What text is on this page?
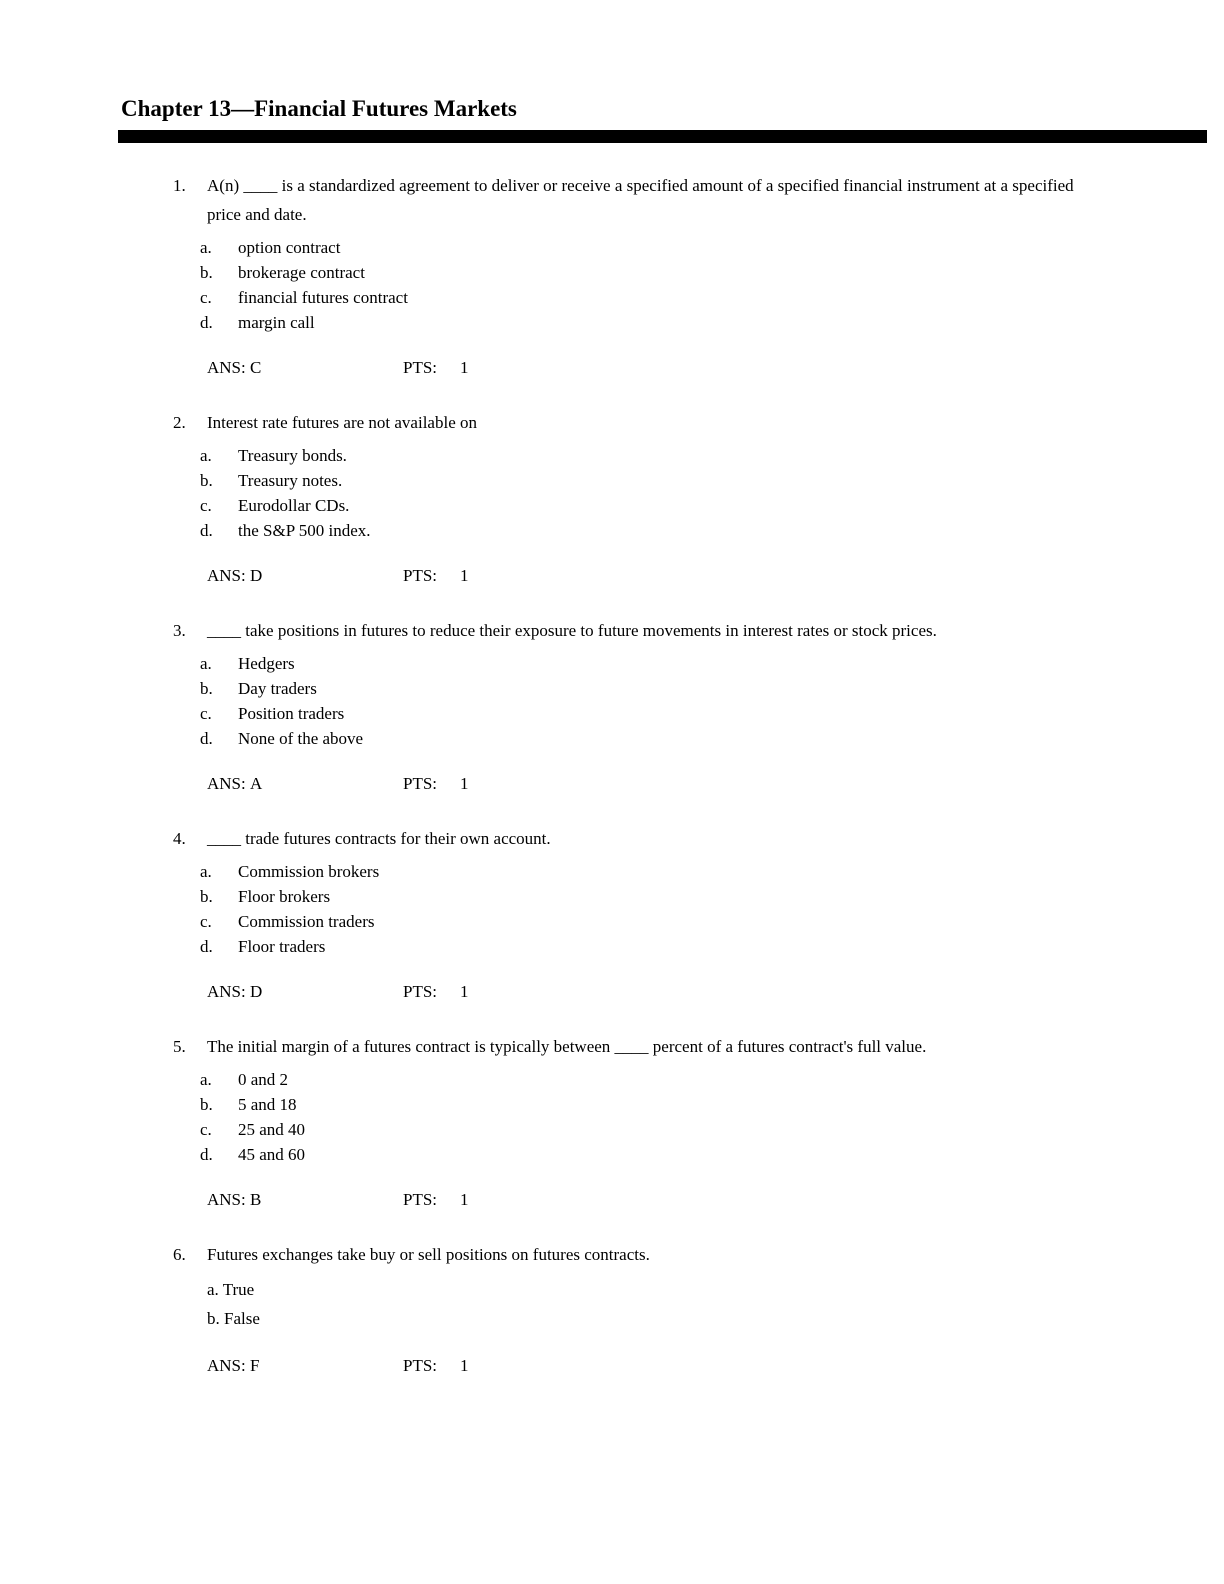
Chapter 13—Financial Futures Markets
1.	A(n) ____ is a standardized agreement to deliver or receive a specified amount of a specified financial instrument at a specified price and date.
a.	option contract
b.	brokerage contract
c.	financial futures contract
d.	margin call
ANS: C	PTS:	1
2.	Interest rate futures are not available on
a.	Treasury bonds.
b.	Treasury notes.
c.	Eurodollar CDs.
d.	the S&P 500 index.
ANS: D	PTS:	1
3.	____ take positions in futures to reduce their exposure to future movements in interest rates or stock prices.
a.	Hedgers
b.	Day traders
c.	Position traders
d.	None of the above
ANS: A	PTS:	1
4.	____ trade futures contracts for their own account.
a.	Commission brokers
b.	Floor brokers
c.	Commission traders
d.	Floor traders
ANS: D	PTS:	1
5.	The initial margin of a futures contract is typically between ____ percent of a futures contract's full value.
a.	0 and 2
b.	5 and 18
c.	25 and 40
d.	45 and 60
ANS: B	PTS:	1
6.	Futures exchanges take buy or sell positions on futures contracts.
a. True
b. False
ANS: F	PTS:	1
